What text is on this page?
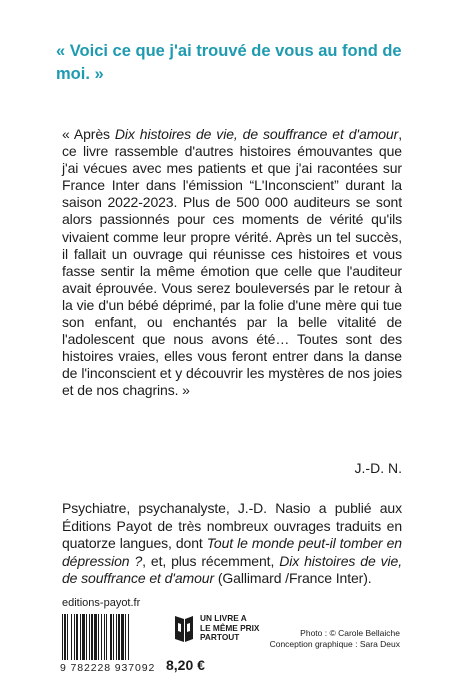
« Voici ce que j'ai trouvé de vous au fond de moi. »

« Après Dix histoires de vie, de souffrance et d'amour, ce livre rassemble d'autres histoires émouvantes que j'ai vécues avec mes patients et que j'ai racontées sur France Inter dans l'émission “L'Inconscient” durant la saison 2022-2023. Plus de 500 000 auditeurs se sont alors passionnés pour ces moments de vérité qu'ils vivaient comme leur propre vérité. Après un tel succès, il fallait un ouvrage qui réunisse ces histoires et vous fasse sentir la même émotion que celle que l'auditeur avait éprouvée. Vous serez bouleversés par le retour à la vie d'un bébé déprimé, par la folie d'une mère qui tue son enfant, ou enchantés par la belle vitalité de l'adolescent que nous avons été… Toutes sont des histoires vraies, elles vous feront entrer dans la danse de l'inconscient et y découvrir les mystères de nos joies et de nos chagrins. »

J.-D. N.
Psychiatre, psychanalyste, J.-D. Nasio a publié aux Éditions Payot de très nombreux ouvrages traduits en quatorze langues, dont Tout le monde peut-il tomber en dépression ?, et, plus récemment, Dix histoires de vie, de souffrance et d'amour (Gallimard /France Inter).
editions-payot.fr
9 782228 937092 8,20 €
UN LIVRE A
LE MÊME PRIX
PARTOUT	Photo : © Carole Bellaiche
Conception graphique : Sara Deux
